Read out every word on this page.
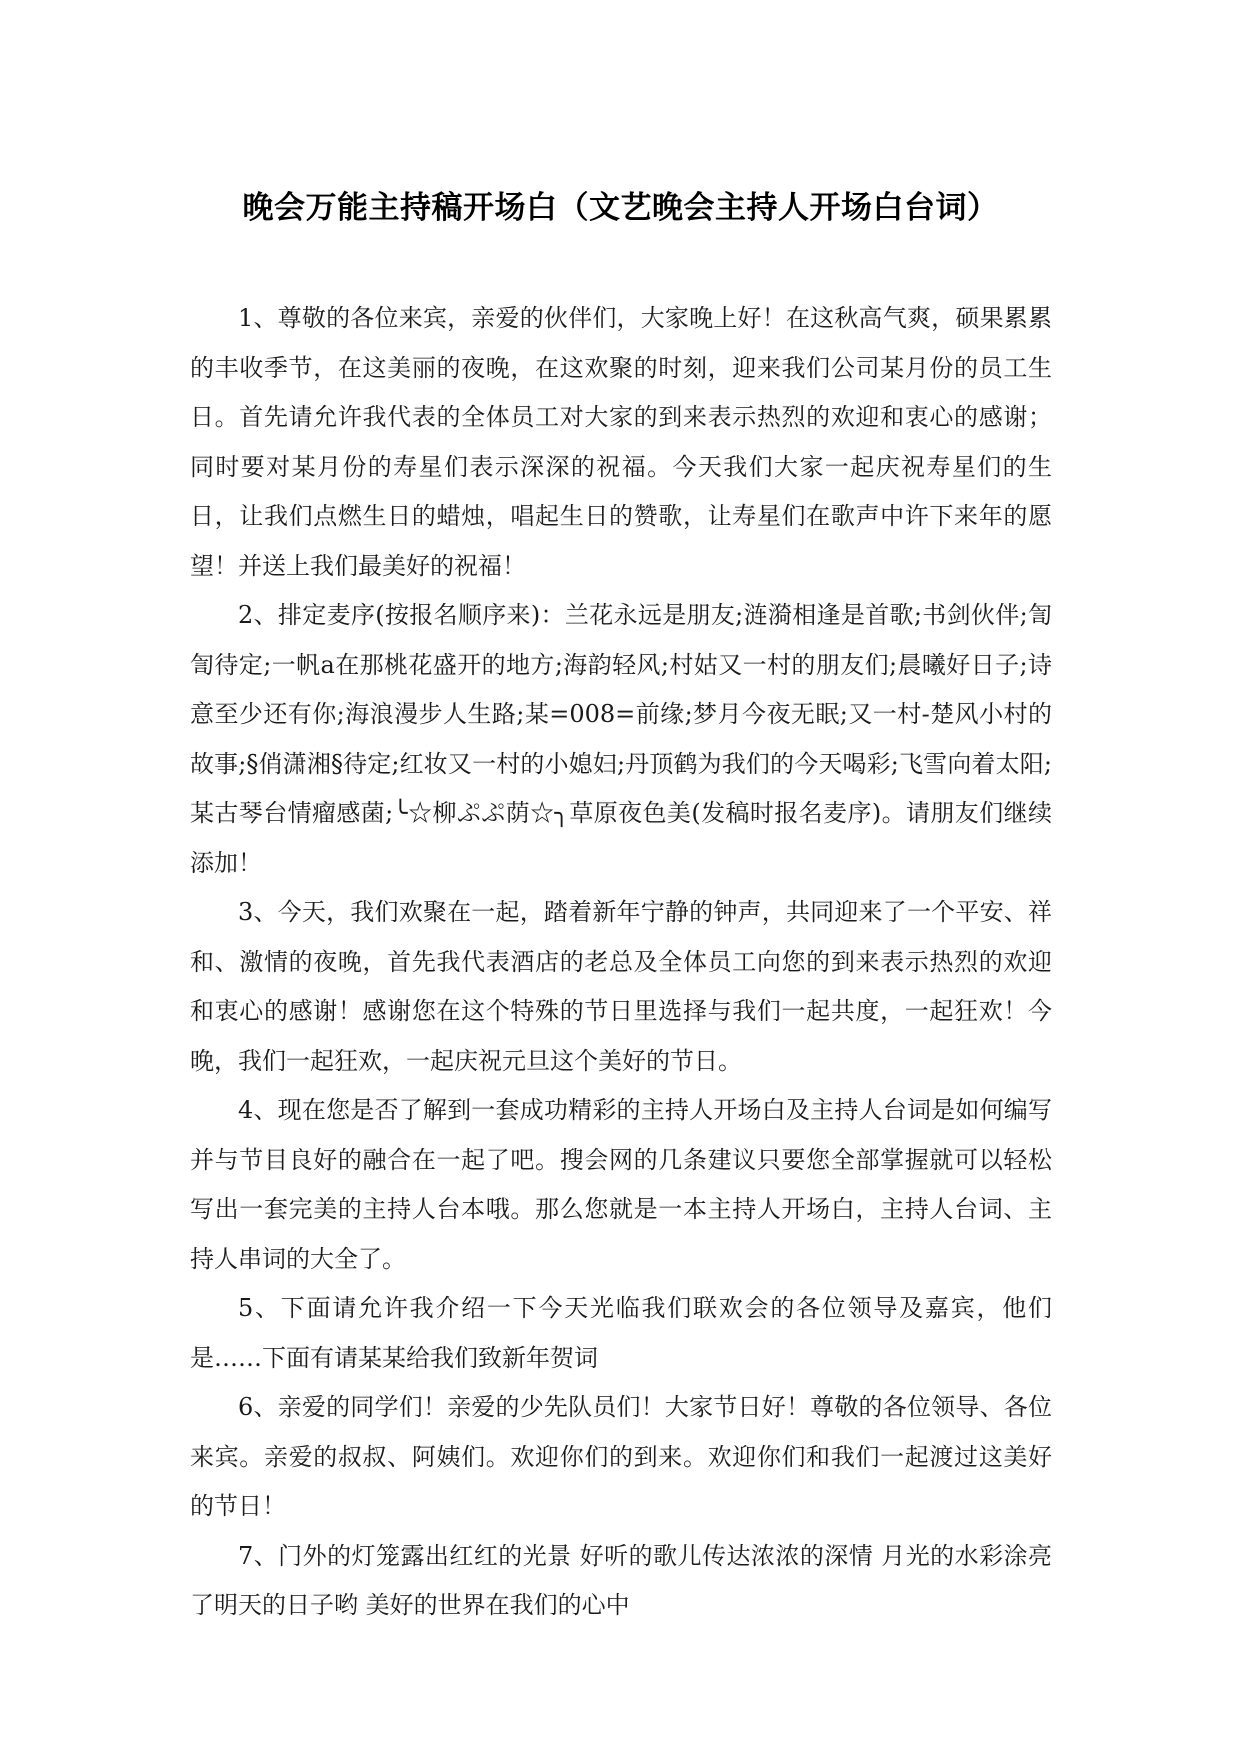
晚会万能主持稿开场白（文艺晚会主持人开场白台词）

1、尊敬的各位来宾，亲爱的伙伴们，大家晚上好！在这秋高气爽，硕果累累的丰收季节，在这美丽的夜晚，在这欢聚的时刻，迎来我们公司某月份的员工生日。首先请允许我代表的全体员工对大家的到来表示热烈的欢迎和衷心的感谢；同时要对某月份的寿星们表示深深的祝福。今天我们大家一起庆祝寿星们的生日，让我们点燃生日的蜡烛，唱起生日的赞歌，让寿星们在歌声中许下来年的愿望！并送上我们最美好的祝福！

2、排定麦序(按报名顺序来)：兰花永远是朋友;涟漪相逢是首歌;书剑伙伴;訇訇待定;一帆a在那桃花盛开的地方;海韵轻风;村姑又一村的朋友们;晨曦好日子;诗意至少还有你;海浪漫步人生路;某=008=前缘;梦月今夜无眠;又一村-楚风小村的故事;§俏潇湘§待定;红妆又一村的小媳妇;丹顶鹤为我们的今天喝彩;飞雪向着太阳;某古琴台情瘤感菌;╰☆柳ぷぷ荫☆╮草原夜色美(发稿时报名麦序)。请朋友们继续添加！

3、今天，我们欢聚在一起，踏着新年宁静的钟声，共同迎来了一个平安、祥和、激情的夜晚，首先我代表酒店的老总及全体员工向您的到来表示热烈的欢迎和衷心的感谢！感谢您在这个特殊的节日里选择与我们一起共度，一起狂欢！今晚，我们一起狂欢，一起庆祝元旦这个美好的节日。

4、现在您是否了解到一套成功精彩的主持人开场白及主持人台词是如何编写并与节目良好的融合在一起了吧。搜会网的几条建议只要您全部掌握就可以轻松写出一套完美的主持人台本哦。那么您就是一本主持人开场白，主持人台词、主持人串词的大全了。

5、下面请允许我介绍一下今天光临我们联欢会的各位领导及嘉宾，他们是……下面有请某某给我们致新年贺词

6、亲爱的同学们！亲爱的少先队员们！大家节日好！尊敬的各位领导、各位来宾。亲爱的叔叔、阿姨们。欢迎你们的到来。欢迎你们和我们一起渡过这美好的节日！

7、门外的灯笼露出红红的光景 好听的歌儿传达浓浓的深情 月光的水彩涂亮了明天的日子哟 美好的世界在我们的心中
